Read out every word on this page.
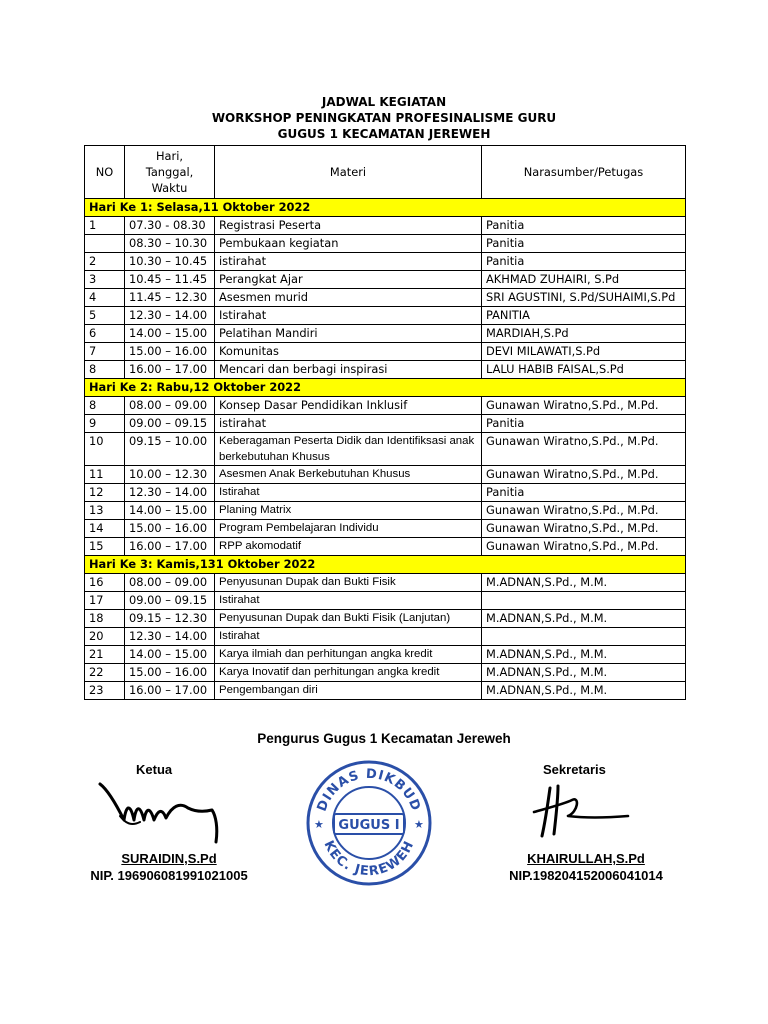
JADWAL KEGIATAN
WORKSHOP PENINGKATAN PROFESINALISME GURU
GUGUS 1 KECAMATAN JEREWEH
NO	Hari,
Tanggal,
Waktu	Materi	Narasumber/Petugas
Hari Ke 1: Selasa,11 Oktober 2022			
1	07.30 - 08.30	Registrasi Peserta	Panitia
	08.30 – 10.30	Pembukaan kegiatan	Panitia
2	10.30 – 10.45	istirahat	Panitia
3	10.45 – 11.45	Perangkat Ajar	AKHMAD ZUHAIRI, S.Pd
4	11.45 – 12.30	Asesmen murid	SRI AGUSTINI, S.Pd/SUHAIMI,S.Pd
5	12.30 – 14.00	Istirahat	PANITIA
6	14.00 – 15.00	Pelatihan Mandiri	MARDIAH,S.Pd
7	15.00 – 16.00	Komunitas	DEVI MILAWATI,S.Pd
8	16.00 – 17.00	Mencari dan berbagi inspirasi	LALU HABIB FAISAL,S.Pd
Hari Ke 2: Rabu,12 Oktober 2022			
8	08.00 – 09.00	Konsep Dasar Pendidikan Inklusif	Gunawan Wiratno,S.Pd., M.Pd.
9	09.00 – 09.15	istirahat	Panitia
10	09.15 – 10.00	Keberagaman Peserta Didik dan Identifiksasi anak berkebutuhan Khusus	Gunawan Wiratno,S.Pd., M.Pd.
11	10.00 – 12.30	Asesmen Anak Berkebutuhan Khusus	Gunawan Wiratno,S.Pd., M.Pd.
12	12.30 – 14.00	Istirahat	Panitia
13	14.00 – 15.00	Planing Matrix	Gunawan Wiratno,S.Pd., M.Pd.
14	15.00 – 16.00	Program Pembelajaran Individu	Gunawan Wiratno,S.Pd., M.Pd.
15	16.00 – 17.00	RPP akomodatif	Gunawan Wiratno,S.Pd., M.Pd.
Hari Ke 3: Kamis,131 Oktober 2022			
16	08.00 – 09.00	Penyusunan Dupak dan Bukti Fisik	M.ADNAN,S.Pd., M.M.
17	09.00 – 09.15	Istirahat	
18	09.15 – 12.30	Penyusunan Dupak dan Bukti Fisik (Lanjutan)	M.ADNAN,S.Pd., M.M.
20	12.30 – 14.00	Istirahat	
21	14.00 – 15.00	Karya ilmiah dan perhitungan angka kredit	M.ADNAN,S.Pd., M.M.
22	15.00 – 16.00	Karya Inovatif dan perhitungan angka kredit	M.ADNAN,S.Pd., M.M.
23	16.00 – 17.00	Pengembangan diri	M.ADNAN,S.Pd., M.M.
Pengurus Gugus 1 Kecamatan Jereweh
Ketua	Sekretaris
DINAS DIKBUD
KEC. JEREWEH
GUGUS I
★	★
SURAIDIN,S.Pd
NIP. 196906081991021005
KHAIRULLAH,S.Pd
NIP.198204152006041014
